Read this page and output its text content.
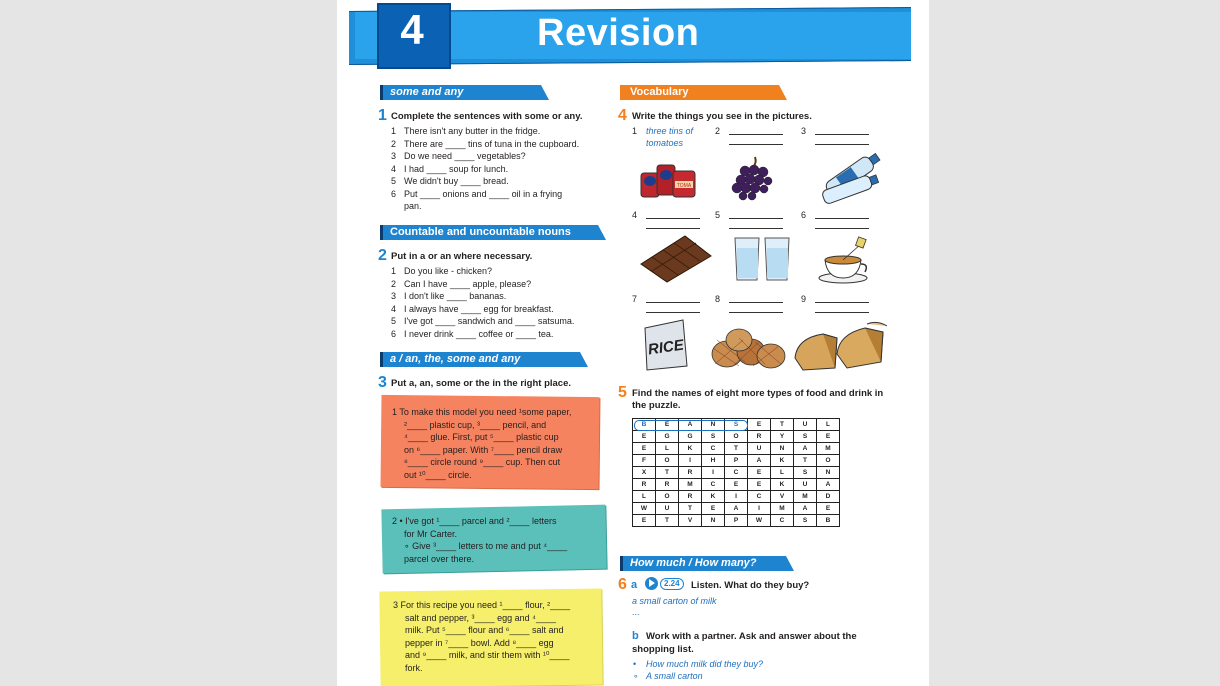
4	Revision
some and any
1 Complete the sentences with some or any.
1 There isn't any butter in the fridge.
2 There are ____ tins of tuna in the cupboard.
3 Do we need ____ vegetables?
4 I had ____ soup for lunch.
5 We didn't buy ____ bread.
6 Put ____ onions and ____ oil in a frying
pan.
Countable and uncountable nouns
2 Put in a or an where necessary.
1 Do you like - chicken?
2 Can I have ____ apple, please?
3 I don't like ____ bananas.
4 I always have ____ egg for breakfast.
5 I've got ____ sandwich and ____ satsuma.
6 I never drink ____ coffee or ____ tea.
a / an, the, some and any
3 Put a, an, some or the in the right place.
1 To make this model you need ¹some paper,
²____ plastic cup, ³____ pencil, and
⁴____ glue. First, put ⁵____ plastic cup
on ⁶____ paper. With ⁷____ pencil draw
⁸____ circle round ⁹____ cup. Then cut
out ¹⁰____ circle.
2 • I've got ¹____ parcel and ²____ letters
for Mr Carter.
∘ Give ³____ letters to me and put ⁴____
parcel over there.
3 For this recipe you need ¹____ flour, ²____
salt and pepper, ³____ egg and ⁴____
milk. Put ⁵____ flour and ⁶____ salt and
pepper in ⁷____ bowl. Add ⁸____ egg
and ⁹____ milk, and stir them with ¹⁰____
fork.
Vocabulary
4 Write the things you see in the pictures.
1 three tins of
tomatoes
2	3
4	5	6
7	8	9
TOMA
RICE
5 Find the names of eight more types of food and drink in
the puzzle.
B	E	A	N	S	E	T	U	L
E	G	G	S	O	R	Y	S	E
E	L	K	C	T	U	N	A	M
F	O	I	H	P	A	K	T	O
X	T	R	I	C	E	L	S	N
R	R	M	C	E	E	K	U	A
L	O	R	K	I	C	V	M	D
W	U	T	E	A	I	M	A	E
E	T	V	N	P	W	C	S	B
How much / How many?
6 a	2.24	Listen. What do they buy?
a small carton of milk
...
b Work with a partner. Ask and answer about the
shopping list.
• How much milk did they buy?
∘ A small carton
